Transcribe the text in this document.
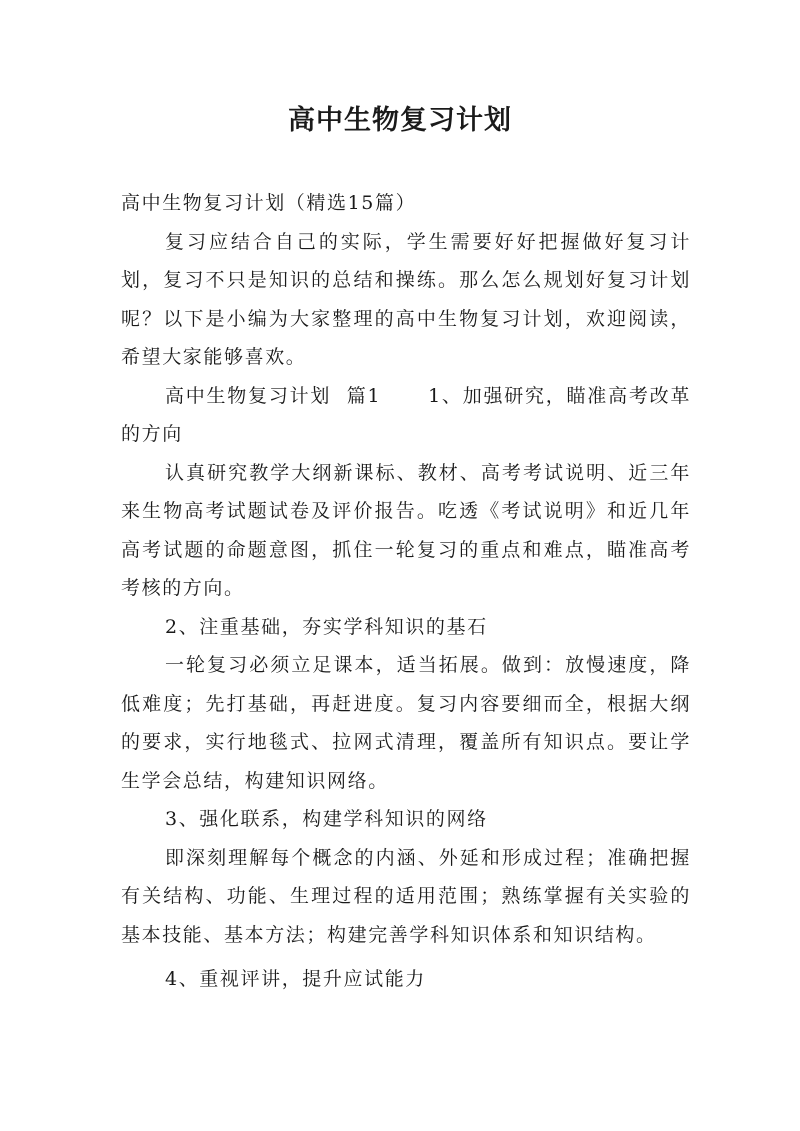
高中生物复习计划

高中生物复习计划（精选15篇）

复习应结合自己的实际，学生需要好好把握做好复习计划，复习不只是知识的总结和操练。那么怎么规划好复习计划呢？以下是小编为大家整理的高中生物复习计划，欢迎阅读，希望大家能够喜欢。

高中生物复习计划  篇1      1、加强研究，瞄准高考改革的方向

认真研究教学大纲新课标、教材、高考考试说明、近三年来生物高考试题试卷及评价报告。吃透《考试说明》和近几年高考试题的命题意图，抓住一轮复习的重点和难点，瞄准高考考核的方向。

2、注重基础，夯实学科知识的基石

一轮复习必须立足课本，适当拓展。做到：放慢速度，降低难度；先打基础，再赶进度。复习内容要细而全，根据大纲的要求，实行地毯式、拉网式清理，覆盖所有知识点。要让学生学会总结，构建知识网络。

3、强化联系，构建学科知识的网络

即深刻理解每个概念的内涵、外延和形成过程；准确把握有关结构、功能、生理过程的适用范围；熟练掌握有关实验的基本技能、基本方法；构建完善学科知识体系和知识结构。

4、重视评讲，提升应试能力
